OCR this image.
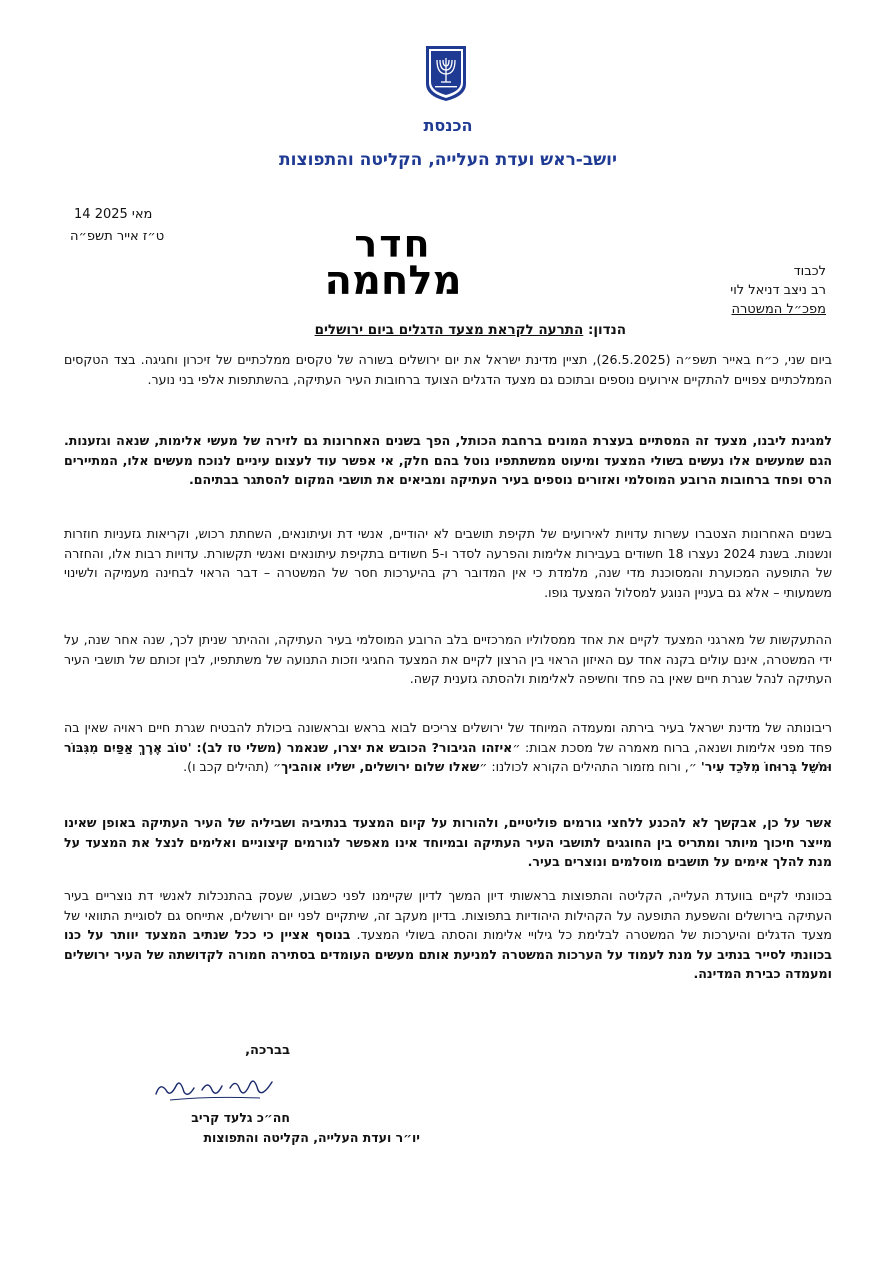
הכנסת
יושב-ראש ועדת העלייה, הקליטה והתפוצות
14 מאי 2025
ט״ז אייר תשפ״ה	חדר
מלחמה	לכבוד
רב ניצב דניאל לוי
מפכ״ל המשטרה
הנדון: התרעה לקראת מצעד הדגלים ביום ירושלים
ביום שני, כ״ח באייר תשפ״ה (26.5.2025), תציין מדינת ישראל את יום ירושלים בשורה של טקסים ממלכתיים של זיכרון וחגיגה. בצד הטקסים הממלכתיים צפויים להתקיים אירועים נוספים ובתוכם גם מצעד הדגלים הצועד ברחובות העיר העתיקה, בהשתתפות אלפי בני נוער.
למגינת ליבנו, מצעד זה המסתיים בעצרת המונים ברחבת הכותל, הפך בשנים האחרונות גם לזירה של מעשי אלימות, שנאה וגזענות. הגם שמעשים אלו נעשים בשולי המצעד ומיעוט ממשתתפיו נוטל בהם חלק, אי אפשר עוד לעצום עיניים לנוכח מעשים אלו, המתיירים הרס ופחד ברחובות הרובע המוסלמי ואזורים נוספים בעיר העתיקה ומביאים את תושבי המקום להסתגר בבתיהם.
בשנים האחרונות הצטברו עשרות עדויות לאירועים של תקיפת תושבים לא יהודיים, אנשי דת ועיתונאים, השחתת רכוש, וקריאות גזעניות חוזרות ונשנות. בשנת 2024 נעצרו 18 חשודים בעבירות אלימות והפרעה לסדר ו-5 חשודים בתקיפת עיתונאים ואנשי תקשורת. עדויות רבות אלו, והחזרה של התופעה המכוערת והמסוכנת מדי שנה, מלמדת כי אין המדובר רק בהיערכות חסר של המשטרה – דבר הראוי לבחינה מעמיקה ולשינוי משמעותי – אלא גם בעניין הנוגע למסלול המצעד גופו.
ההתעקשות של מארגני המצעד לקיים את אחד ממסלוליו המרכזיים בלב הרובע המוסלמי בעיר העתיקה, וההיתר שניתן לכך, שנה אחר שנה, על ידי המשטרה, אינם עולים בקנה אחד עם האיזון הראוי בין הרצון לקיים את המצעד החגיגי וזכות התנועה של משתתפיו, לבין זכותם של תושבי העיר העתיקה לנהל שגרת חיים שאין בה פחד וחשיפה לאלימות ולהסתה גזענית קשה.
ריבונותה של מדינת ישראל בעיר בירתה ומעמדה המיוחד של ירושלים צריכים לבוא בראש ובראשונה ביכולת להבטיח שגרת חיים ראויה שאין בה פחד מפני אלימות ושנאה, ברוח מאמרה של מסכת אבות: ״איזהו הגיבור? הכובש את יצרו, שנאמר (משלי טז לב): 'טוֹב אֶרֶךְ אַפַּיִם מִגִּבּוֹר וּמֹשֵׁל בְּרוּחוֹ מִלֹּכֵד עִיר' ״, ורוח מזמור התהילים הקורא לכולנו: ״שאלו שלום ירושלים, ישליו אוהביך״ (תהילים קכב ו).
אשר על כן, אבקשך לא להכנע ללחצי גורמים פוליטיים, ולהורות על קיום המצעד בנתיביה ושביליה של העיר העתיקה באופן שאינו מייצר חיכוך מיותר ומתריס בין החוגגים לתושבי העיר העתיקה ובמיוחד אינו מאפשר לגורמים קיצוניים ואלימים לנצל את המצעד על מנת להלך אימים על תושבים מוסלמים ונוצרים בעיר.
בכוונתי לקיים בוועדת העלייה, הקליטה והתפוצות בראשותי דיון המשך לדיון שקיימנו לפני כשבוע, שעסק בהתנכלות לאנשי דת נוצריים בעיר העתיקה בירושלים והשפעת התופעה על הקהילות היהודיות בתפוצות. בדיון מעקב זה, שיתקיים לפני יום ירושלים, אתייחס גם לסוגיית התוואי של מצעד הדגלים והיערכות של המשטרה לבלימת כל גילויי אלימות והסתה בשולי המצעד. בנוסף אציין כי ככל שנתיב המצעד יוותר על כנו בכוונתי לסייר בנתיב על מנת לעמוד על הערכות המשטרה למניעת אותם מעשים העומדים בסתירה חמורה לקדושתה של העיר ירושלים ומעמדה כבירת המדינה.
בברכה,
חה״כ גלעד קריב
יו״ר ועדת העלייה, הקליטה והתפוצות
